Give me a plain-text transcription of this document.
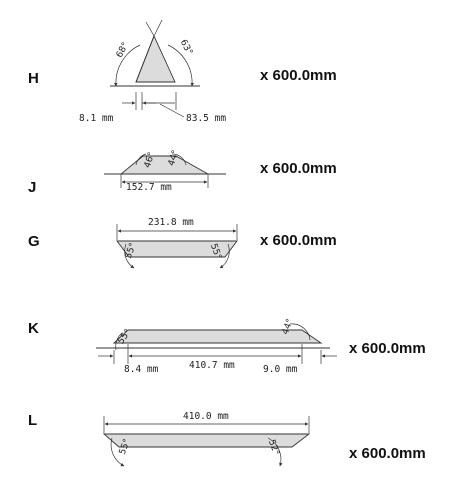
H
68°	63°
8.1 mm	83.5 mm
x 600.0mm
J	152.7 mm
46° 44°
x 600.0mm
G
231.8 mm
55°	55°
x 600.0mm
K	55°
44°
8.4 mm	410.7 mm	9.0 mm
x 600.0mm
L	410.0 mm
55°	52°	x 600.0mm
